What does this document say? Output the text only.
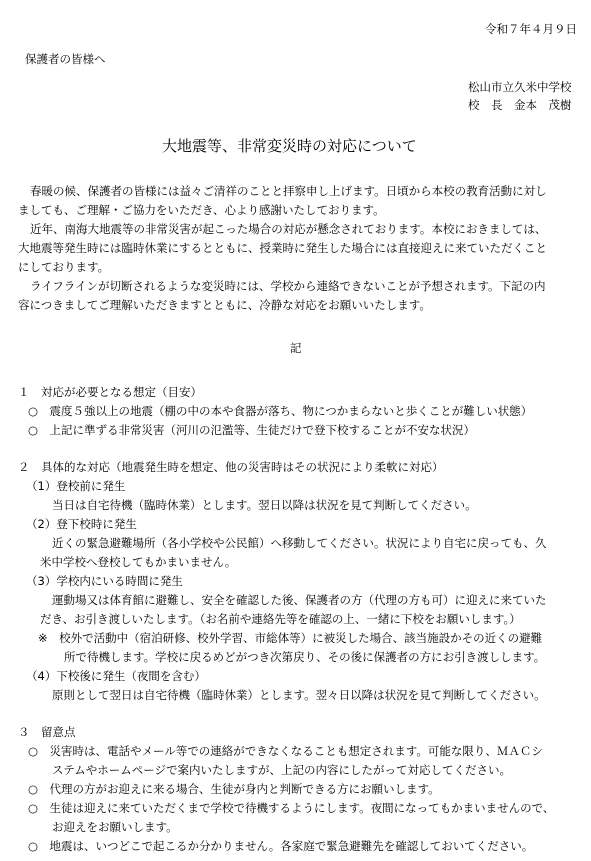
令和７年４月９日
保護者の皆様へ
松山市立久米中学校
校　長　金本　茂樹
大地震等、非常変災時の対応について
春暖の候、保護者の皆様には益々ご清祥のことと拝察申し上げます。日頃から本校の教育活動に対し
ましても、ご理解・ご協力をいただき、心より感謝いたしております。
近年、南海大地震等の非常災害が起こった場合の対応が懸念されております。本校におきましては、
大地震等発生時には臨時休業にするとともに、授業時に発生した場合には直接迎えに来ていただくこと
にしております。
ライフラインが切断されるような変災時には、学校から連絡できないことが予想されます。下記の内
容につきましてご理解いただきますとともに、冷静な対応をお願いいたします。
記
１　対応が必要となる想定（目安）
○　震度５強以上の地震（棚の中の本や食器が落ち、物につかまらないと歩くことが難しい状態）
○　上記に準ずる非常災害（河川の氾濫等、生徒だけで登下校することが不安な状況）
２　具体的な対応（地震発生時を想定、他の災害時はその状況により柔軟に対応）
（1）登校前に発生
当日は自宅待機（臨時休業）とします。翌日以降は状況を見て判断してください。
（2）登下校時に発生
近くの緊急避難場所（各小学校や公民館）へ移動してください。状況により自宅に戻っても、久
米中学校へ登校してもかまいません。
（3）学校内にいる時間に発生
運動場又は体育館に避難し、安全を確認した後、保護者の方（代理の方も可）に迎えに来ていた
だき、お引き渡しいたします。（お名前や連絡先等を確認の上、一緒に下校をお願いします。）
※　校外で活動中（宿泊研修、校外学習、市総体等）に被災した場合、該当施設かその近くの避難
所で待機します。学校に戻るめどがつき次第戻り、その後に保護者の方にお引き渡しします。
（4）下校後に発生（夜間を含む）
原則として翌日は自宅待機（臨時休業）とします。翌々日以降は状況を見て判断してください。
３　留意点
○　災害時は、電話やメール等での連絡ができなくなることも想定されます。可能な限り、ＭＡＣシ
ステムやホームページで案内いたしますが、上記の内容にしたがって対応してください。
○　代理の方がお迎えに来る場合、生徒が身内と判断できる方にお願いします。
○　生徒は迎えに来ていただくまで学校で待機するようにします。夜間になってもかまいませんので、
お迎えをお願いします。
○　地震は、いつどこで起こるか分かりません。各家庭で緊急避難先を確認しておいてください。
